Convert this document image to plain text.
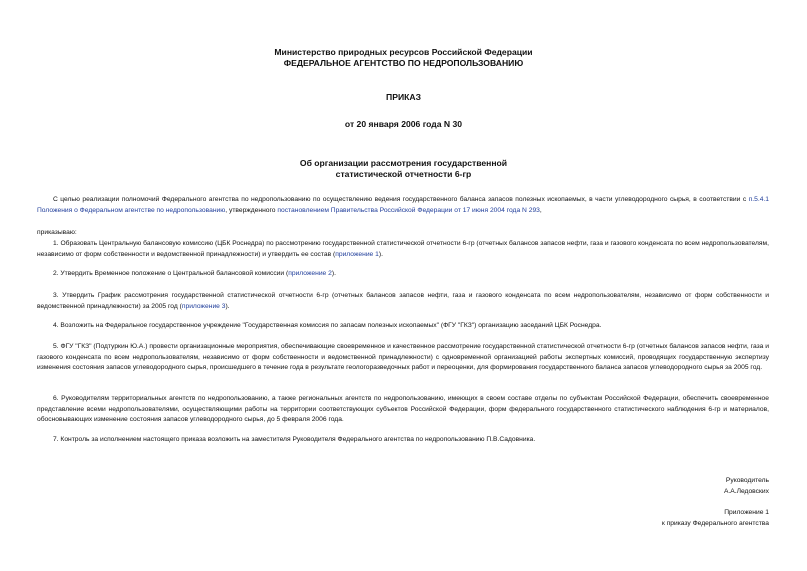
Министерство природных ресурсов Российской Федерации
ФЕДЕРАЛЬНОЕ АГЕНТСТВО ПО НЕДРОПОЛЬЗОВАНИЮ
ПРИКАЗ
от 20 января 2006 года N 30
Об организации рассмотрения государственной
статистической отчетности 6-гр

С целью реализации полномочий Федерального агентства по недропользованию по осуществлению ведения государственного баланса запасов полезных ископаемых, в части углеводородного сырья, в соответствии с п.5.4.1 Положения о Федеральном агентстве по недропользованию, утвержденного постановлением Правительства Российской Федерации от 17 июня 2004 года N 293,

приказываю:

1. Образовать Центральную балансовую комиссию (ЦБК Роснедра) по рассмотрению государственной статистической отчетности 6-гр (отчетных балансов запасов нефти, газа и газового конденсата по всем недропользователям, независимо от форм собственности и ведомственной принадлежности) и утвердить ее состав (приложение 1).

2. Утвердить Временное положение о Центральной балансовой комиссии (приложение 2).

3. Утвердить График рассмотрения государственной статистической отчетности 6-гр (отчетных балансов запасов нефти, газа и газового конденсата по всем недропользователям, независимо от форм собственности и ведомственной принадлежности) за 2005 год (приложение 3).

4. Возложить на Федеральное государственное учреждение "Государственная комиссия по запасам полезных ископаемых" (ФГУ "ГКЗ") организацию заседаний ЦБК Роснедра.

5. ФГУ "ГКЗ" (Подтуркин Ю.А.) провести организационные мероприятия, обеспечивающие своевременное и качественное рассмотрение государственной статистической отчетности 6-гр (отчетных балансов запасов нефти, газа и газового конденсата по всем недропользователям, независимо от форм собственности и ведомственной принадлежности) с одновременной организацией работы экспертных комиссий, проводящих государственную экспертизу изменения состояния запасов углеводородного сырья, происшедшего в течение года в результате геологоразведочных работ и переоценки, для формирования государственного баланса запасов углеводородного сырья за 2005 год.

6. Руководителям территориальных агентств по недропользованию, а также региональных агентств по недропользованию, имеющих в своем составе отделы по субъектам Российской Федерации, обеспечить своевременное представление всеми недропользователями, осуществляющими работы на территории соответствующих субъектов Российской Федерации, форм федерального государственного статистического наблюдения 6-гр и материалов, обосновывающих изменение состояния запасов углеводородного сырья, до 5 февраля 2006 года.

7. Контроль за исполнением настоящего приказа возложить на заместителя Руководителя Федерального агентства по недропользованию П.В.Садовника.

Руководитель
А.А.Ледовских
Приложение 1
к приказу Федерального агентства
